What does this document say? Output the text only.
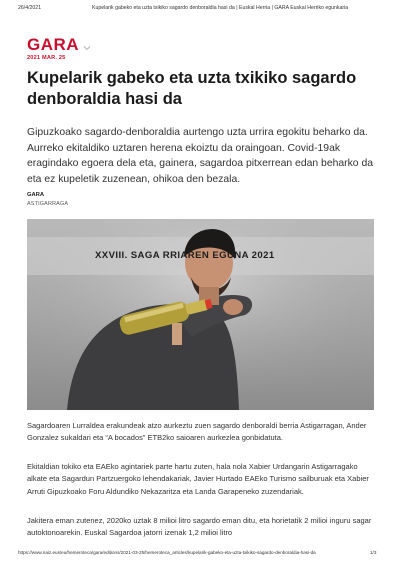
26/4/2021	Kupelarik gabeko eta uzta txikiko sagardo denboraldia hasi da | Euskal Herria | GARA Euskal Herriko egunkaria
GARA
2021 MAR. 25
Kupelarik gabeko eta uzta txikiko sagardo denboraldia hasi da

Gipuzkoako sagardo-denboraldia aurtengo uzta urrira egokitu beharko da. Aurreko ekitaldiko uztaren herena ekoiztu da oraingoan. Covid-19ak eragindako egoera dela eta, gainera, sagardoa pitxerrean edan beharko da eta ez kupeletik zuzenean, ohikoa den bezala.

GARA
ASTIGARRAGA
XXVIII. SAGA RRIAREN EGUNA 2021

Sagardoaren Lurraldea erakundeak atzo aurkeztu zuen sagardo denboraldi berria Astigarragan, Ander Gonzalez sukaldari eta “A bocados” ETB2ko saioaren aurkezlea gonbidatuta.

Ekitaldian tokiko eta EAEko agintariek parte hartu zuten, hala nola Xabier Urdangarin Astigarragako alkate eta Sagardun Partzuergoko lehendakariak, Javier Hurtado EAEko Turismo sailburuak eta Xabier Arruti Gipuzkoako Foru Aldundiko Nekazaritza eta Landa Garapeneko zuzendariak.

Jakitera eman zutenez, 2020ko uztak 8 milioi litro sagardo eman ditu, eta horietatik 2 milioi inguru sagar autoktonoarekin. Euskal Sagardoa jatorri izenak 1,2 milioi litro

https://www.naiz.eus/eu/hemeroteca/gara/editions/2021-03-25/hemeroteca_articles/kupelarik-gabeko-eta-uzta-txikiko-sagardo-denboraldia-hasi-da	1/3
